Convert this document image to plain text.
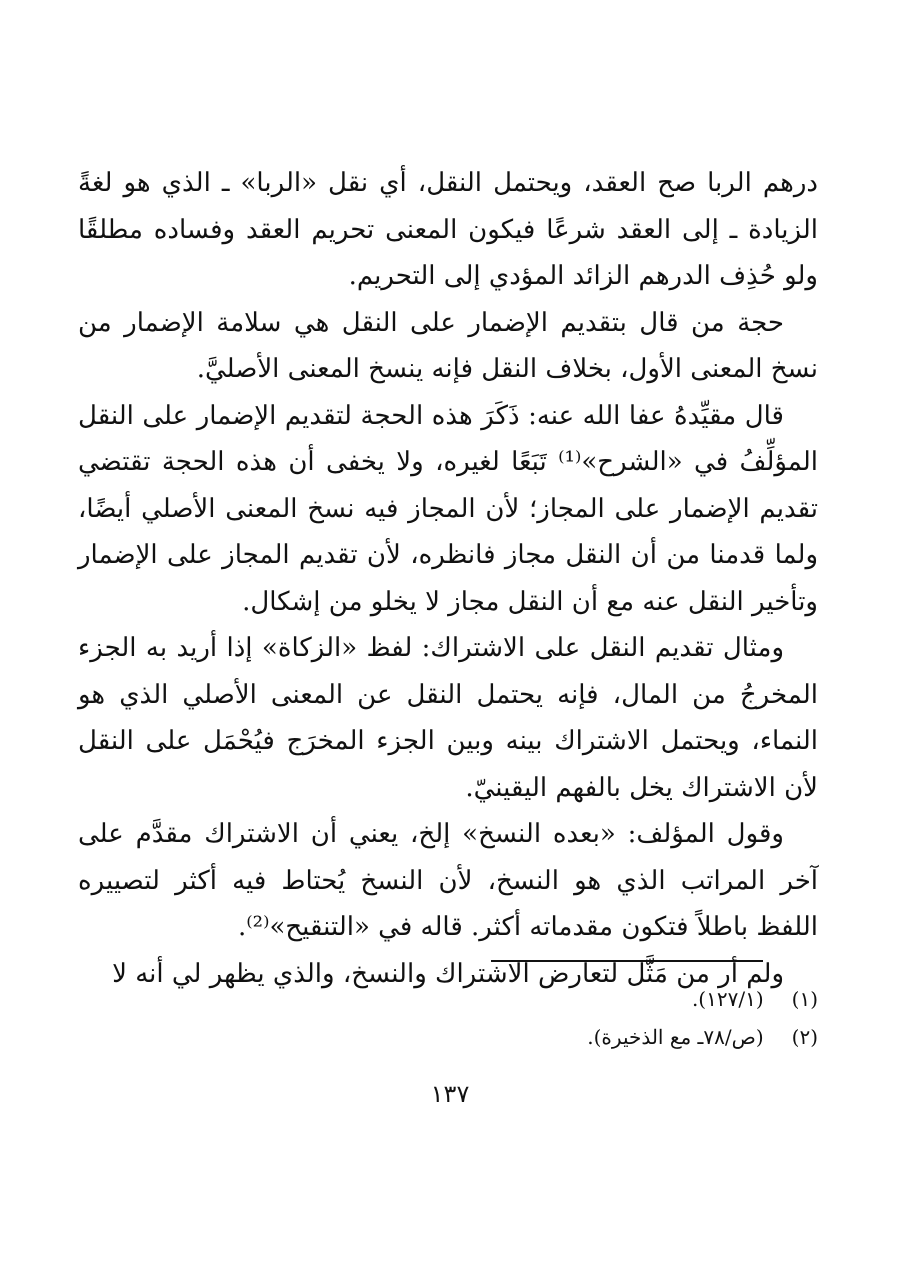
درهم الربا صح العقد، ويحتمل النقل، أي نقل «الربا» ـ الذي هو لغةً الزيادة ـ إلى العقد شرعًا فيكون المعنى تحريم العقد وفساده مطلقًا ولو حُذِف الدرهم الزائد المؤدي إلى التحريم.

حجة من قال بتقديم الإضمار على النقل هي سلامة الإضمار من نسخ المعنى الأول، بخلاف النقل فإنه ينسخ المعنى الأصليَّ.

قال مقيِّدهُ عفا الله عنه: ذَكَرَ هذه الحجة لتقديم الإضمار على النقل المؤلِّفُ في «الشرح»⁽¹⁾ تَبَعًا لغيره، ولا يخفى أن هذه الحجة تقتضي تقديم الإضمار على المجاز؛ لأن المجاز فيه نسخ المعنى الأصلي أيضًا، ولما قدمنا من أن النقل مجاز فانظره، لأن تقديم المجاز على الإضمار وتأخير النقل عنه مع أن النقل مجاز لا يخلو من إشكال.

ومثال تقديم النقل على الاشتراك: لفظ «الزكاة» إذا أريد به الجزء المخرجُ من المال، فإنه يحتمل النقل عن المعنى الأصلي الذي هو النماء، ويحتمل الاشتراك بينه وبين الجزء المخرَج فيُحْمَل على النقل لأن الاشتراك يخل بالفهم اليقينيّ.

وقول المؤلف: «بعده النسخ» إلخ، يعني أن الاشتراك مقدَّم على آخر المراتب الذي هو النسخ، لأن النسخ يُحتاط فيه أكثر لتصييره اللفظ باطلاً فتكون مقدماته أكثر. قاله في «التنقيح»⁽²⁾.

ولم أر من مَثَّل لتعارض الاشتراك والنسخ، والذي يظهر لي أنه لا

(١) (١٢٧/١).

(٢) (ص/٧٨ـ مع الذخيرة).

١٣٧
